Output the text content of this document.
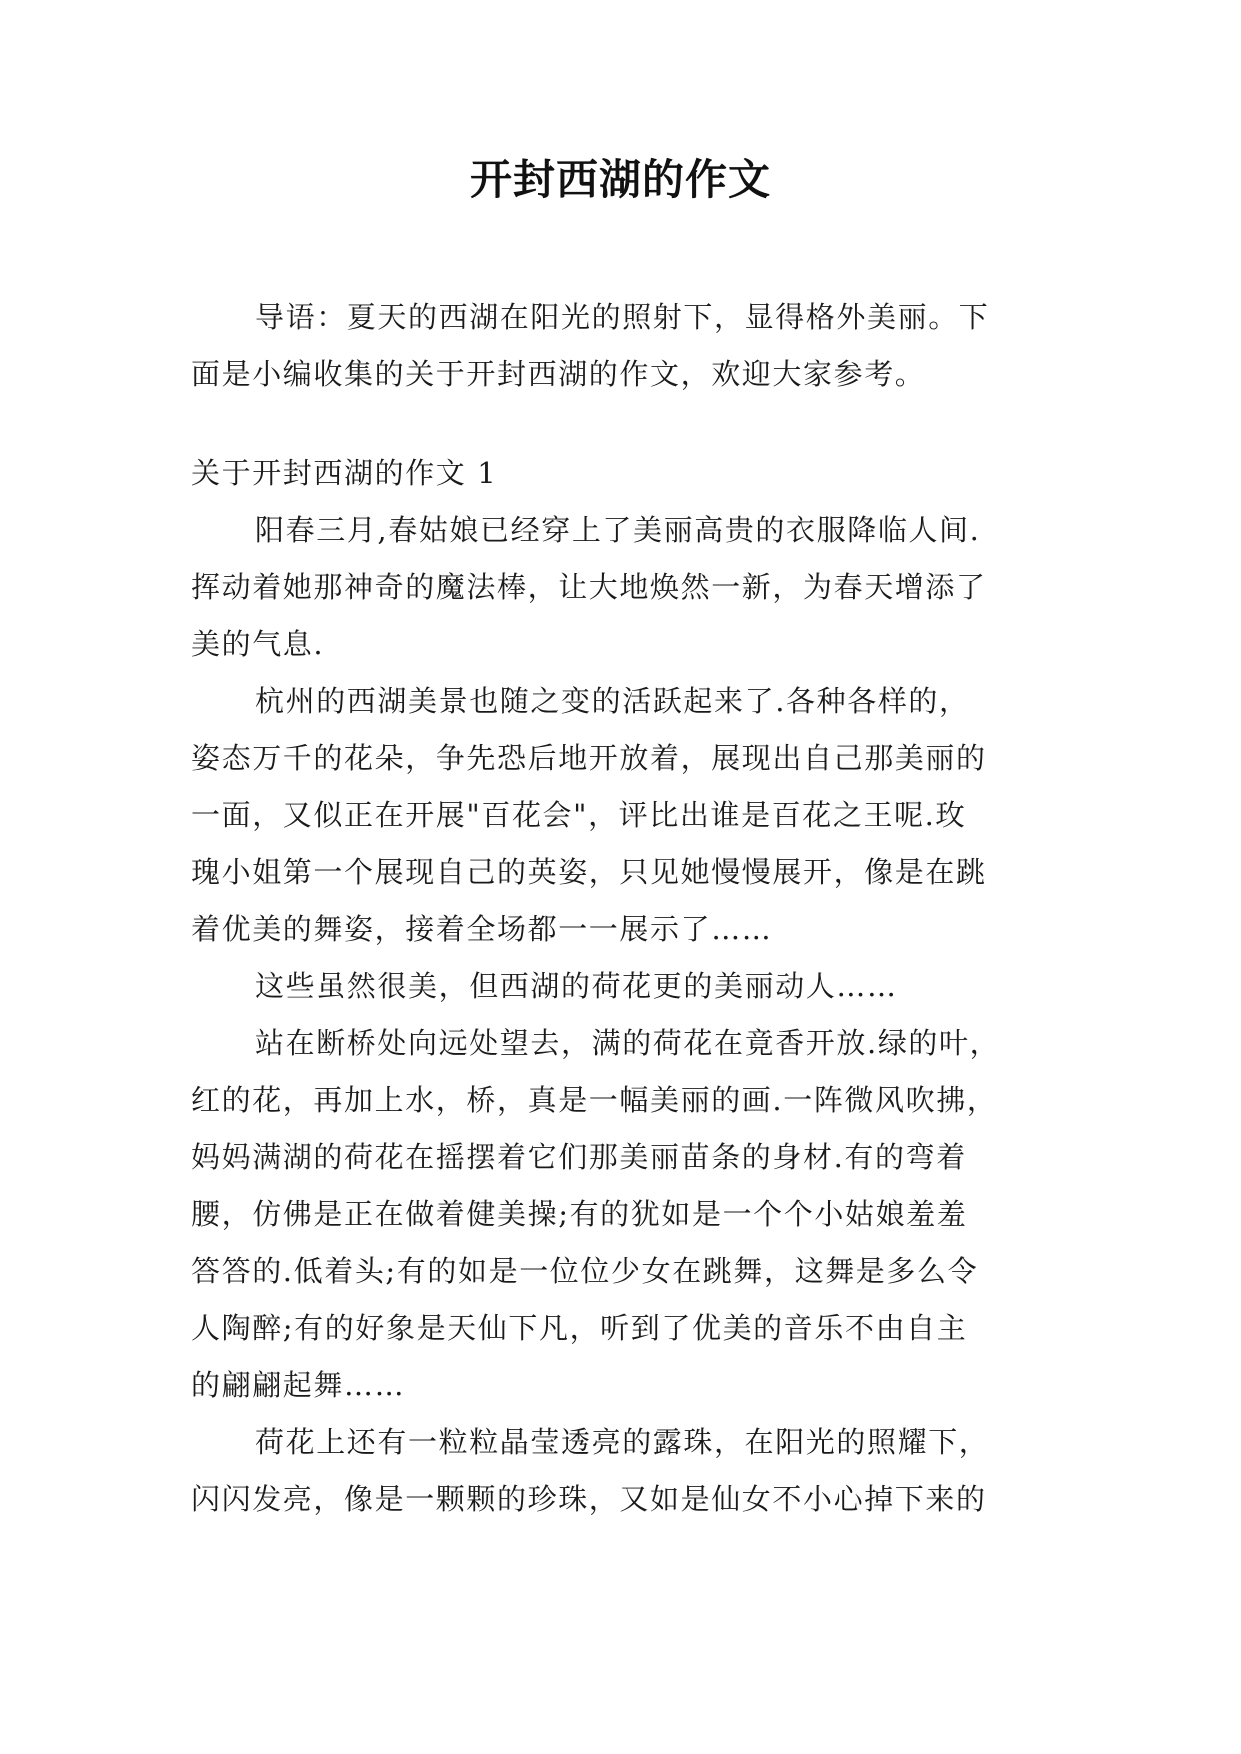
开封西湖的作文

导语：夏天的西湖在阳光的照射下，显得格外美丽。下
面是小编收集的关于开封西湖的作文，欢迎大家参考。

关于开封西湖的作文 1

阳春三月,春姑娘已经穿上了美丽高贵的衣服降临人间.
挥动着她那神奇的魔法棒，让大地焕然一新，为春天增添了
美的气息.

杭州的西湖美景也随之变的活跃起来了.各种各样的，
姿态万千的花朵，争先恐后地开放着，展现出自己那美丽的
一面，又似正在开展"百花会"，评比出谁是百花之王呢.玫
瑰小姐第一个展现自己的英姿，只见她慢慢展开，像是在跳
着优美的舞姿，接着全场都一一展示了……

这些虽然很美，但西湖的荷花更的美丽动人……

站在断桥处向远处望去，满的荷花在竟香开放.绿的叶，
红的花，再加上水，桥，真是一幅美丽的画.一阵微风吹拂，
妈妈满湖的荷花在摇摆着它们那美丽苗条的身材.有的弯着
腰，仿佛是正在做着健美操;有的犹如是一个个小姑娘羞羞
答答的.低着头;有的如是一位位少女在跳舞，这舞是多么令
人陶醉;有的好象是天仙下凡，听到了优美的音乐不由自主
的翩翩起舞……

荷花上还有一粒粒晶莹透亮的露珠，在阳光的照耀下，
闪闪发亮，像是一颗颗的珍珠，又如是仙女不小心掉下来的
